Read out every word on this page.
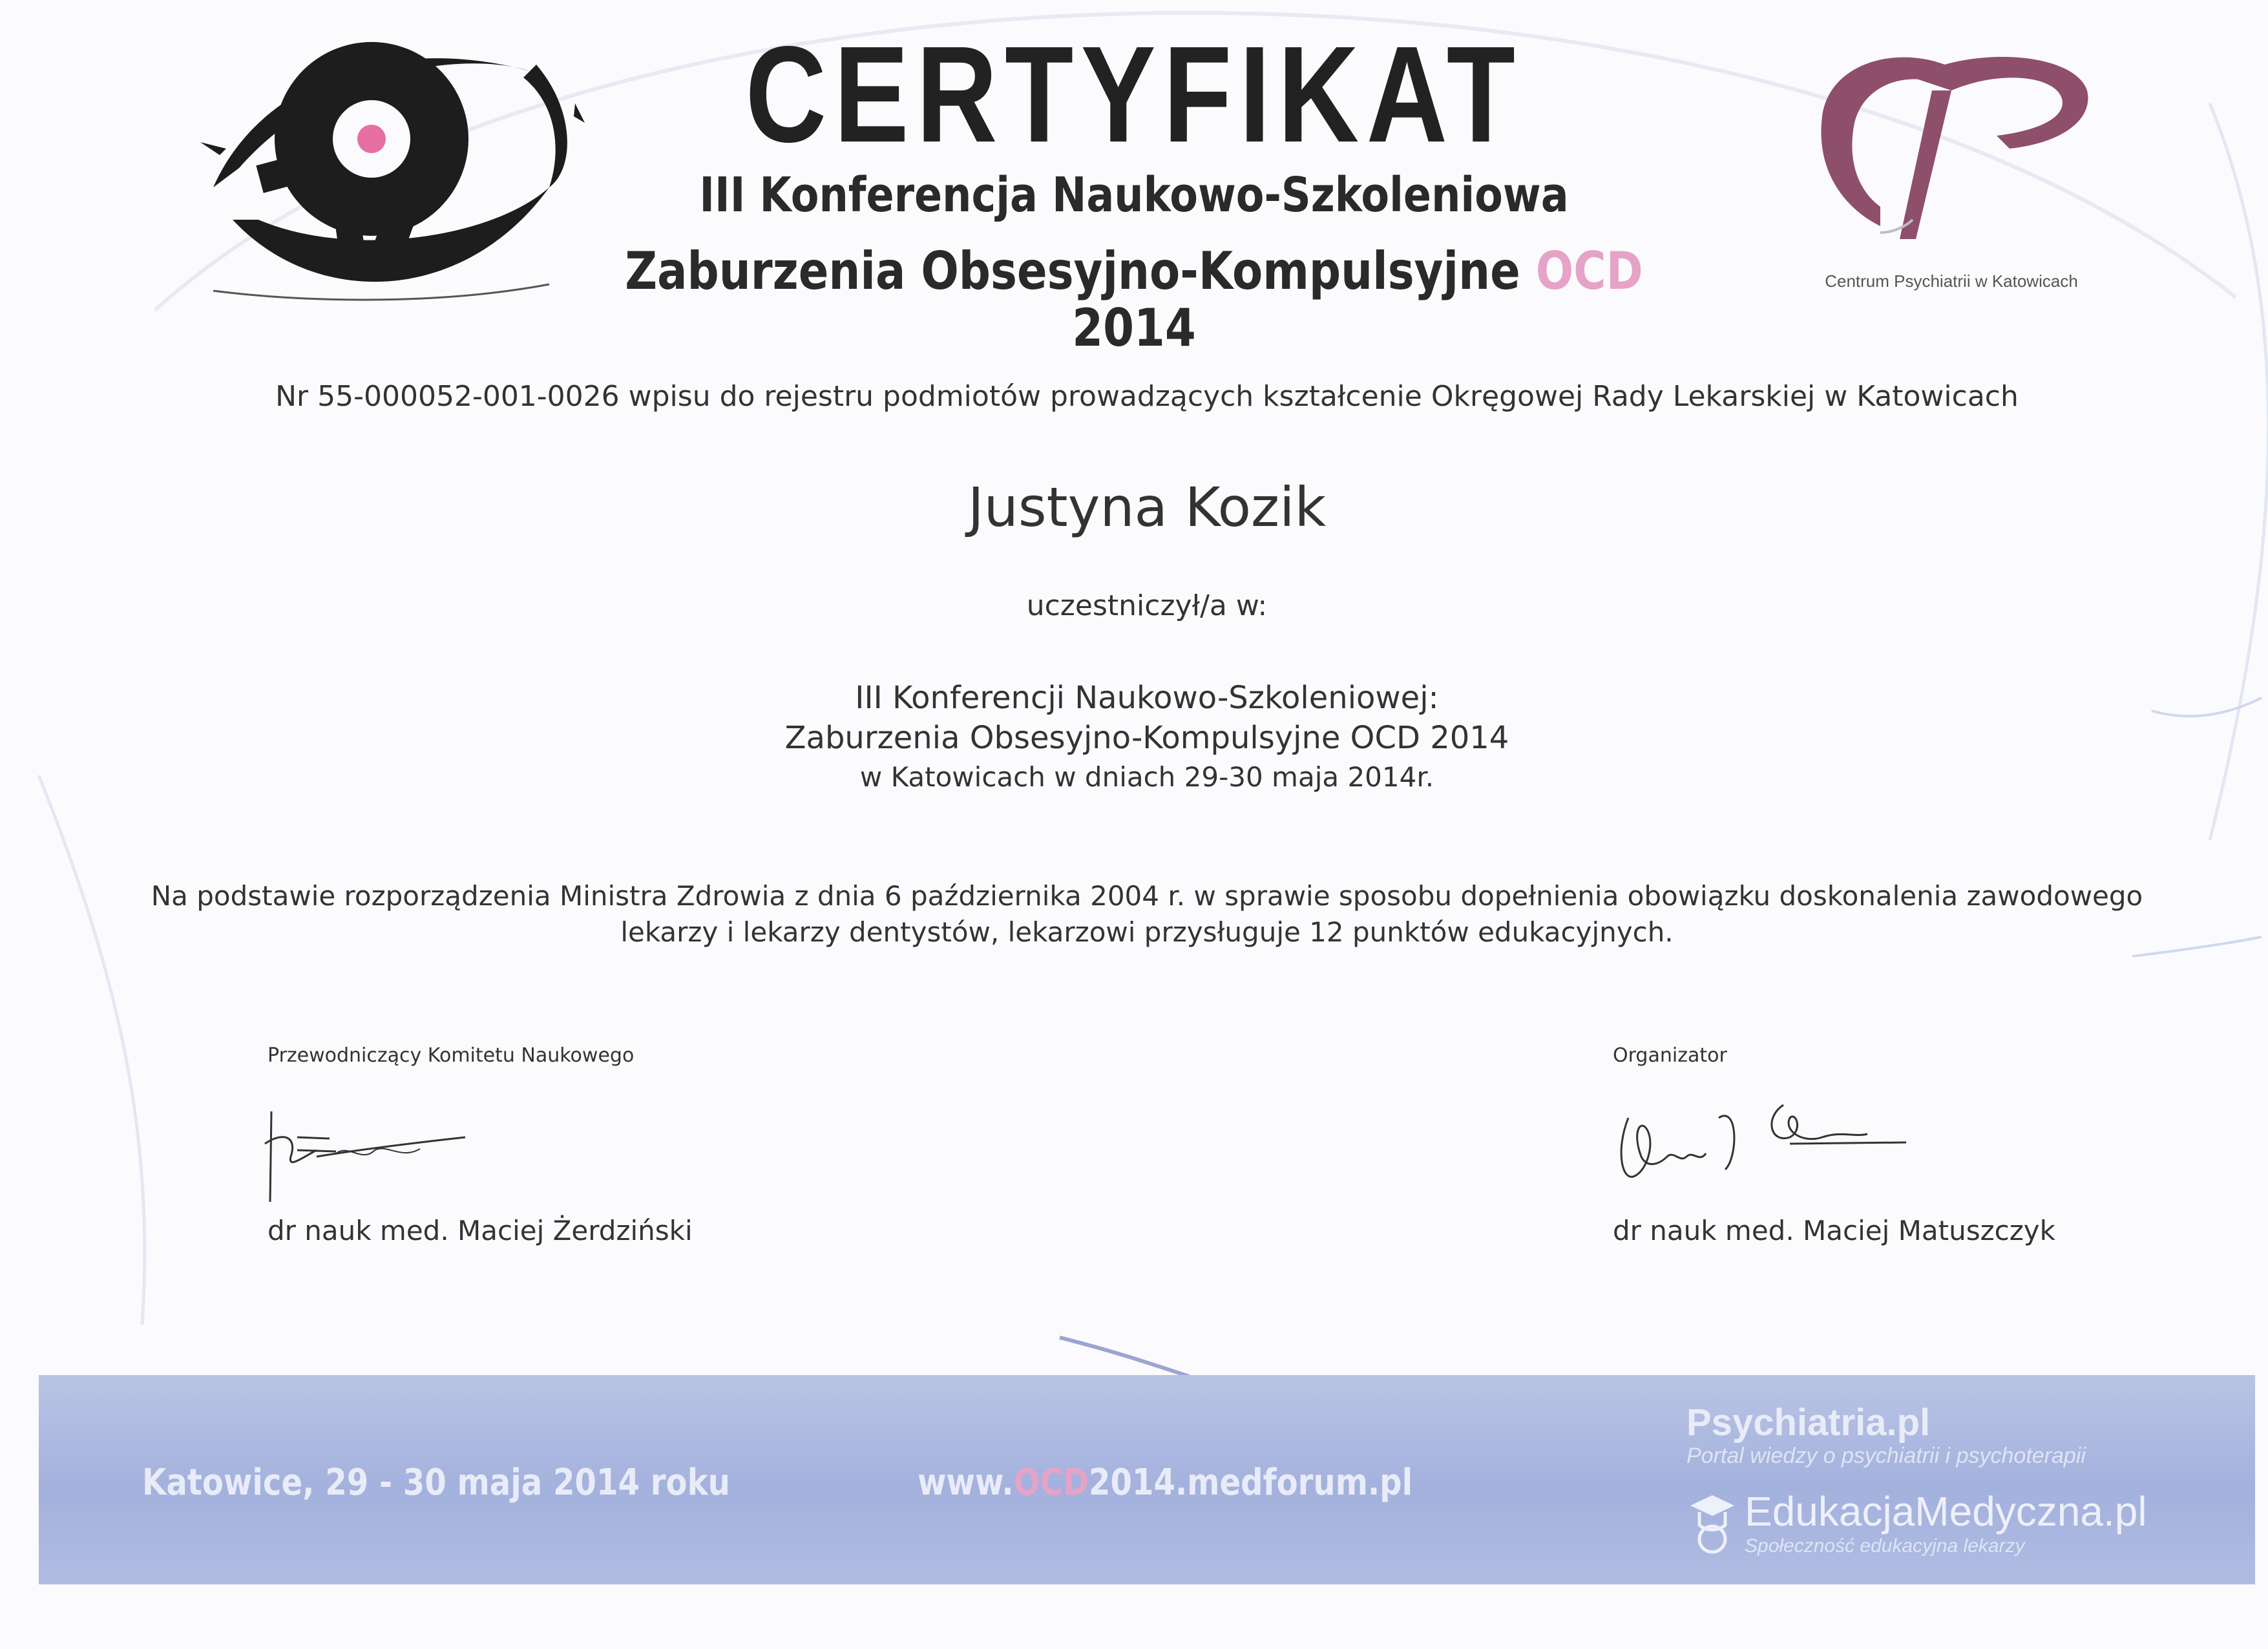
CERTYFIKAT
III Konferencja Naukowo-Szkoleniowa
Zaburzenia Obsesyjno-Kompulsyjne OCD 2014
Centrum Psychiatrii w Katowicach
Nr 55-000052-001-0026 wpisu do rejestru podmiotów prowadzących kształcenie Okręgowej Rady Lekarskiej w Katowicach
Justyna Kozik
uczestniczył/a w:
III Konferencji Naukowo-Szkoleniowej:
Zaburzenia Obsesyjno-Kompulsyjne OCD 2014
w Katowicach w dniach 29-30 maja 2014r.
Na podstawie rozporządzenia Ministra Zdrowia z dnia 6 października 2004 r. w sprawie sposobu dopełnienia obowiązku doskonalenia zawodowego
lekarzy i lekarzy dentystów, lekarzowi przysługuje 12 punktów edukacyjnych.
Przewodniczący Komitetu Naukowego
dr nauk med. Maciej Żerdziński
Organizator
dr nauk med. Maciej Matuszczyk
Katowice, 29 - 30 maja 2014 roku	www.OCD2014.medforum.pl
Psychiatria.pl
Portal wiedzy o psychiatrii i psychoterapii
EdukacjaMedyczna.pl
Społeczność edukacyjna lekarzy
